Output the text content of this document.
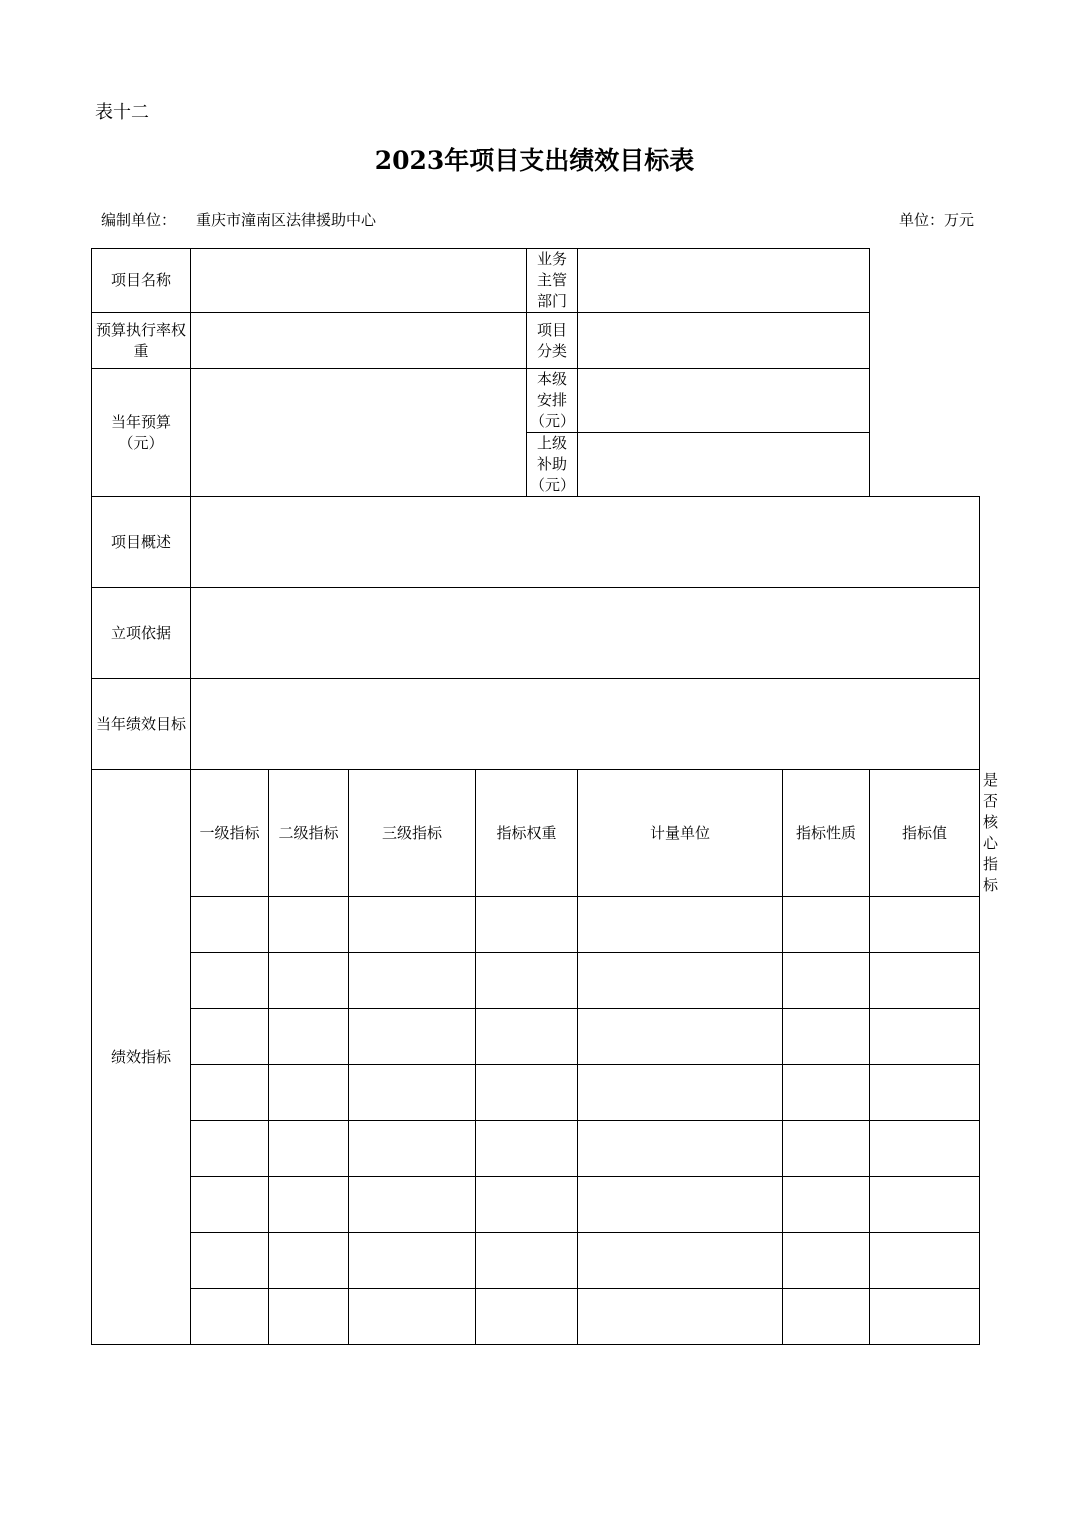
表十二
2023年项目支出绩效目标表
编制单位： 重庆市潼南区法律援助中心	单位：万元
项目名称					业务主管部门				
预算执行率权重					项目分类				
当年预算（元）					本级安排（元）				
					上级补助（元）				
项目概述									
立项依据									
当年绩效目标									
绩效指标	一级指标	二级指标	三级指标	指标权重		计量单位	指标性质	指标值	是否核心指标
